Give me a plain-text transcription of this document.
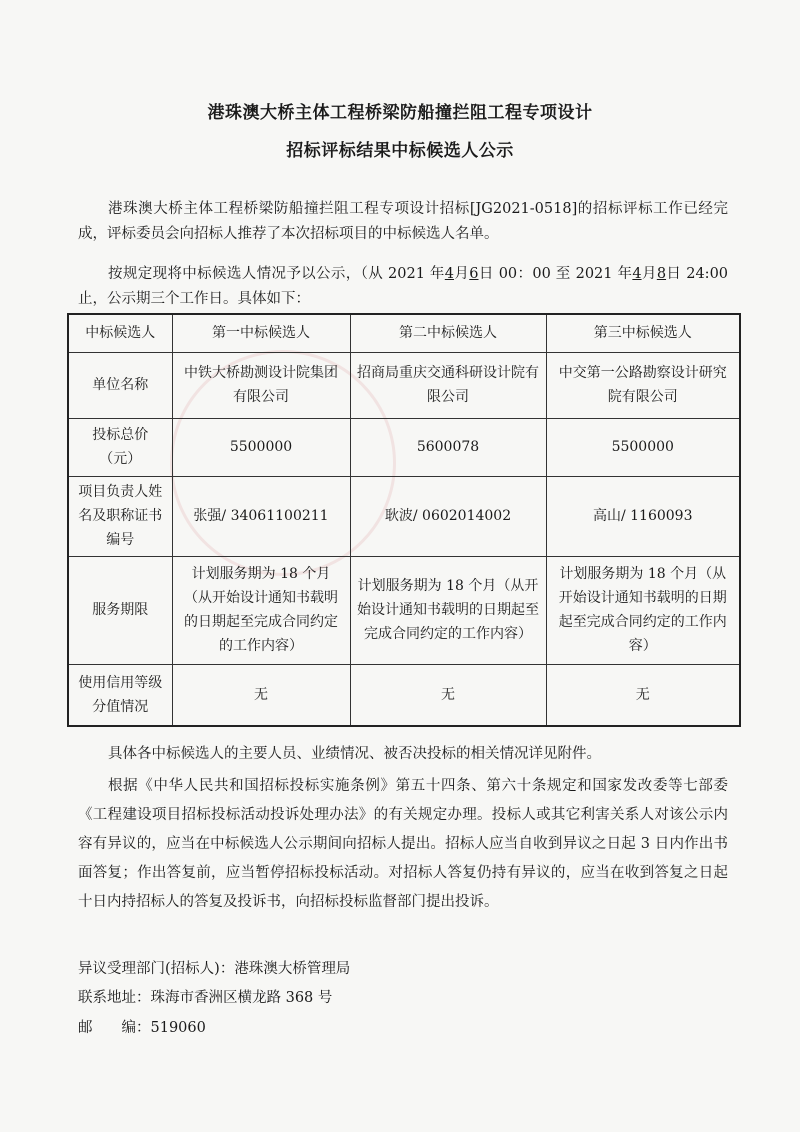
港珠澳大桥主体工程桥梁防船撞拦阻工程专项设计
招标评标结果中标候选人公示
港珠澳大桥主体工程桥梁防船撞拦阻工程专项设计招标[JG2021-0518]的招标评标工作已经完成，评标委员会向招标人推荐了本次招标项目的中标候选人名单。
按规定现将中标候选人情况予以公示，（从 2021 年4月6日 00：00 至 2021 年4月8日 24:00 止，公示期三个工作日。具体如下：
中标候选人	第一中标候选人	第二中标候选人	第三中标候选人
单位名称	中铁大桥勘测设计院集团有限公司	招商局重庆交通科研设计院有限公司	中交第一公路勘察设计研究院有限公司
投标总价（元）	5500000	5600078	5500000
项目负责人姓名及职称证书编号	张强/ 34061100211	耿波/ 0602014002	高山/ 1160093
服务期限	计划服务期为 18 个月（从开始设计通知书载明的日期起至完成合同约定的工作内容）	计划服务期为 18 个月（从开始设计通知书载明的日期起至完成合同约定的工作内容）	计划服务期为 18 个月（从开始设计通知书载明的日期起至完成合同约定的工作内容）
使用信用等级分值情况	无	无	无
具体各中标候选人的主要人员、业绩情况、被否决投标的相关情况详见附件。
根据《中华人民共和国招标投标实施条例》第五十四条、第六十条规定和国家发改委等七部委《工程建设项目招标投标活动投诉处理办法》的有关规定办理。投标人或其它利害关系人对该公示内容有异议的，应当在中标候选人公示期间向招标人提出。招标人应当自收到异议之日起 3 日内作出书面答复；作出答复前，应当暂停招标投标活动。对招标人答复仍持有异议的，应当在收到答复之日起十日内持招标人的答复及投诉书，向招标投标监督部门提出投诉。
异议受理部门(招标人)：港珠澳大桥管理局
联系地址：珠海市香洲区横龙路 368 号
邮　　编：519060
